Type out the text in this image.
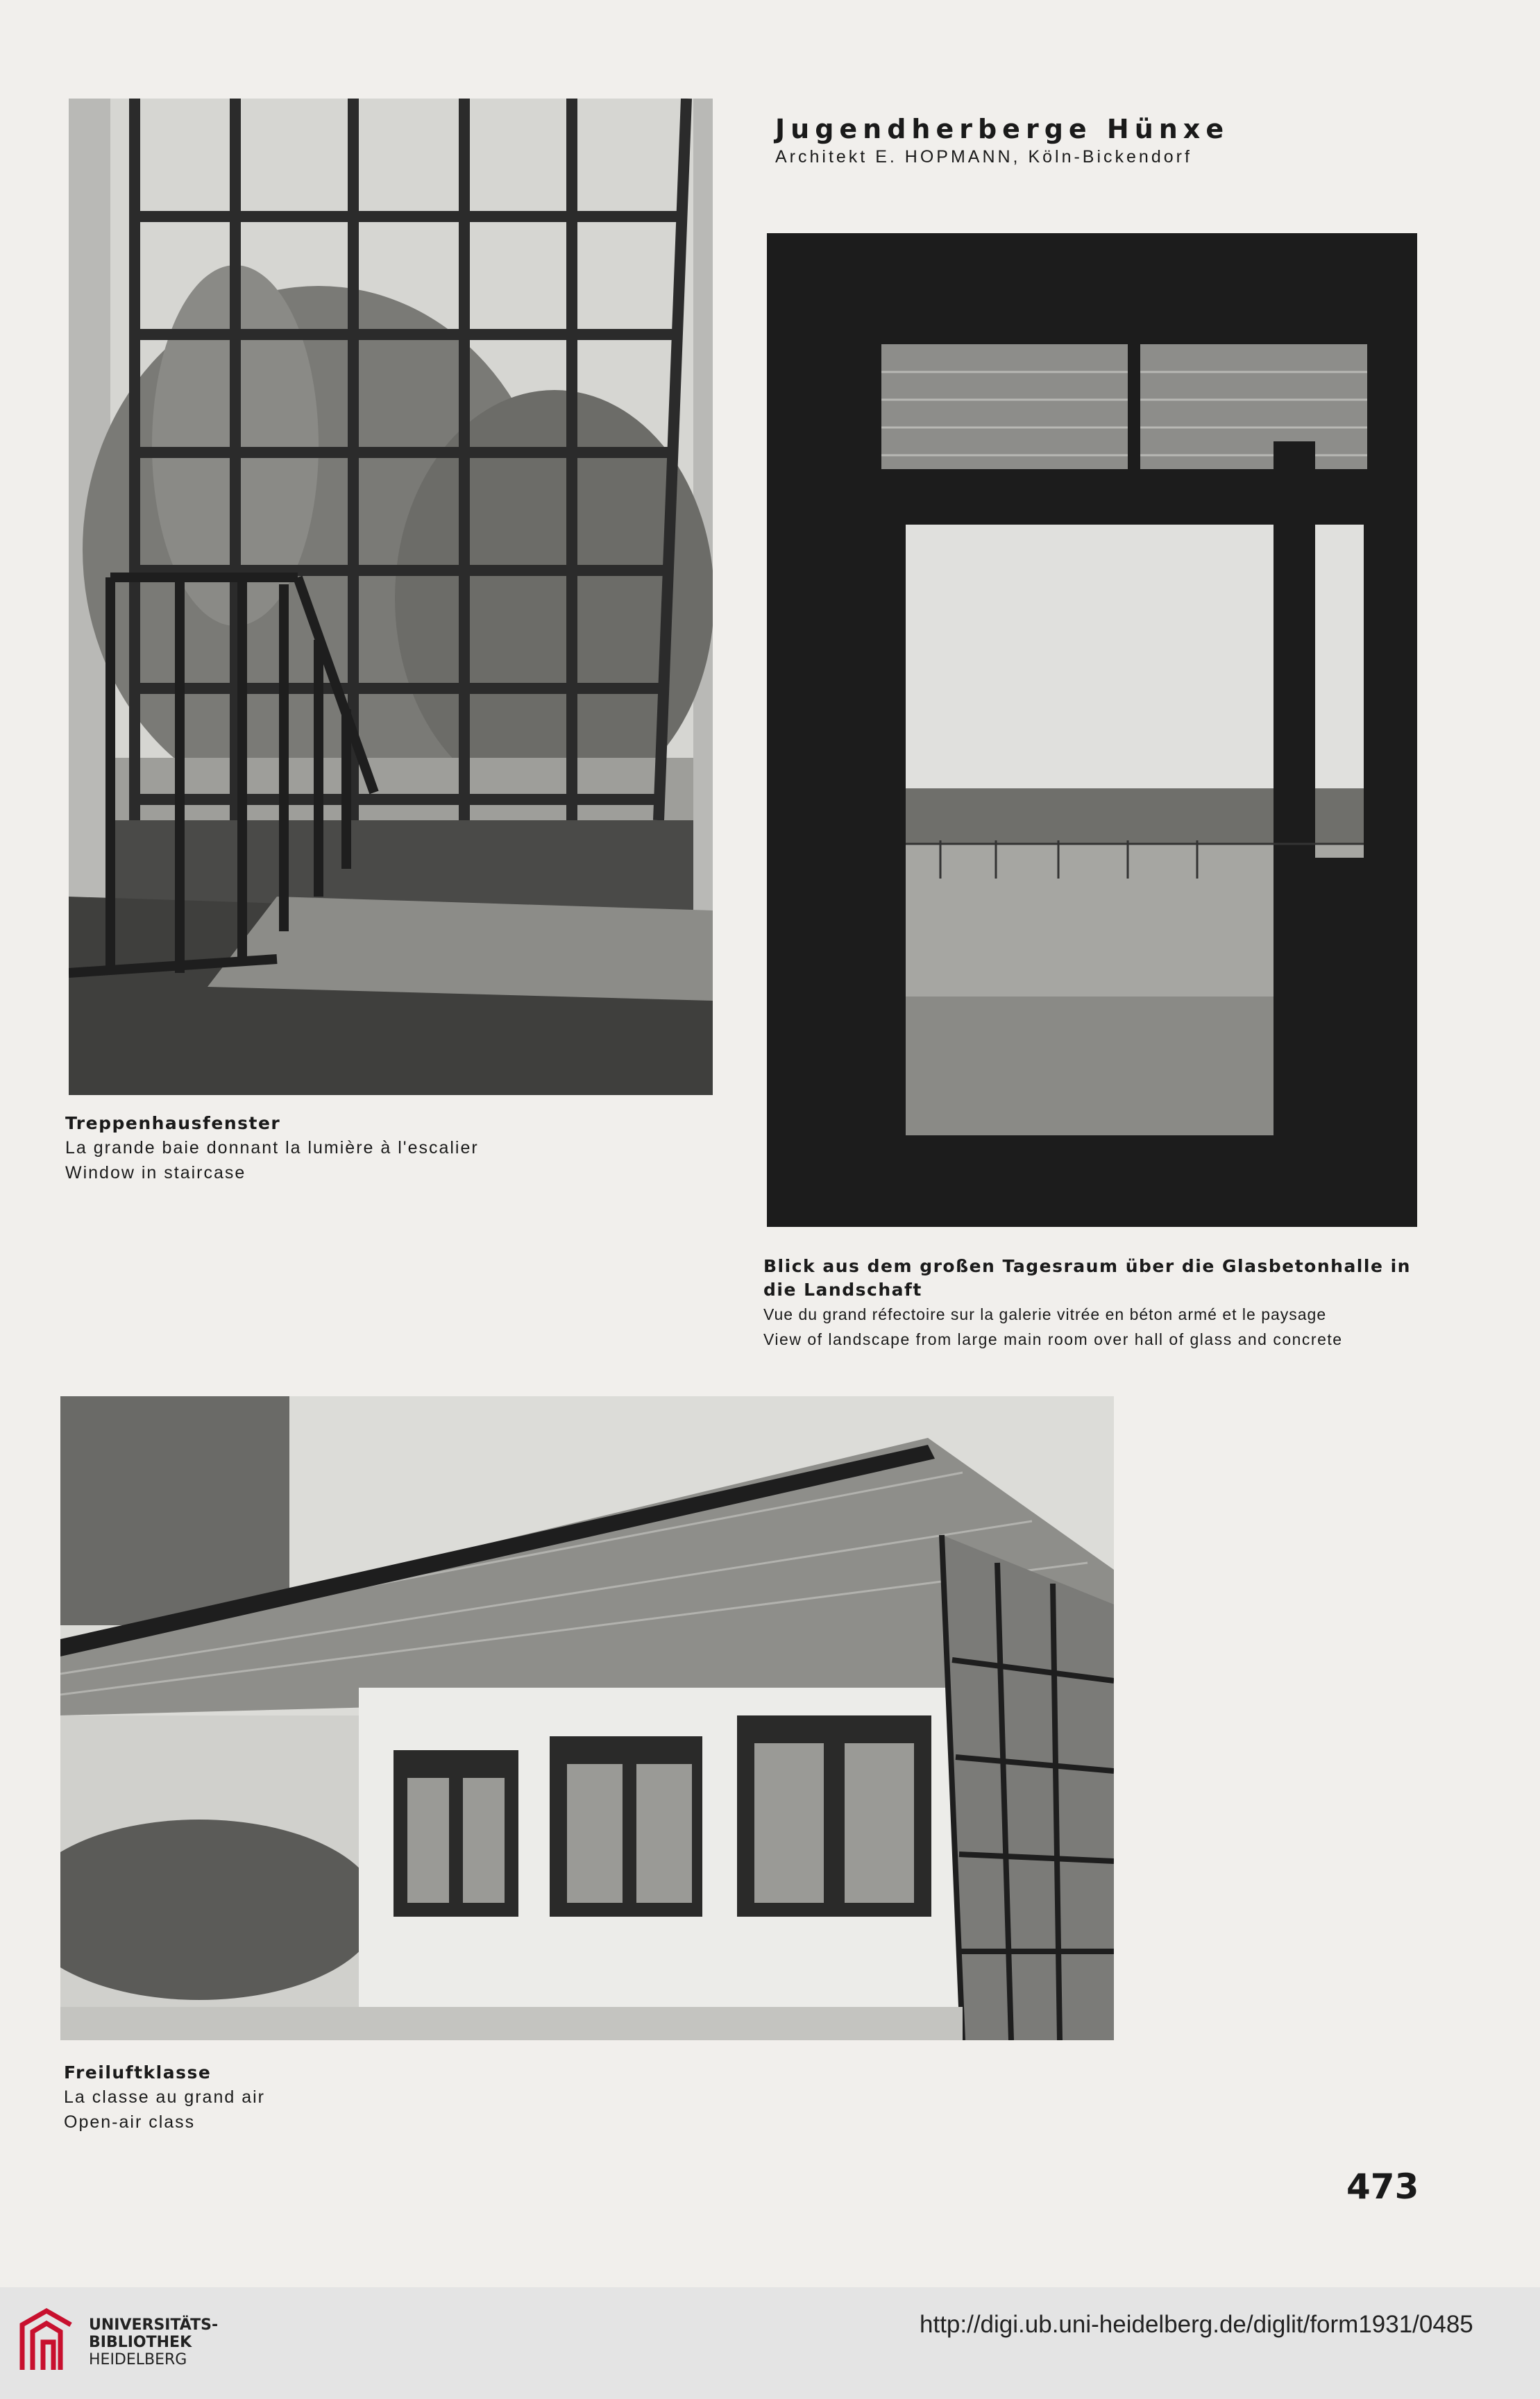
Jugendherberge Hünxe
Architekt E. HOPMANN, Köln-Bickendorf
Treppenhausfenster
La grande baie donnant la lumière à l'escalier
Window in staircase
Blick aus dem großen Tagesraum über die Glasbetonhalle in
die Landschaft
Vue du grand réfectoire sur la galerie vitrée en béton armé et le paysage
View of landscape from large main room over hall of glass and concrete
Freiluftklasse
La classe au grand air
Open-air class
473
UNIVERSITÄTS-
BIBLIOTHEK
HEIDELBERG
http://digi.ub.uni-heidelberg.de/diglit/form1931/0485
